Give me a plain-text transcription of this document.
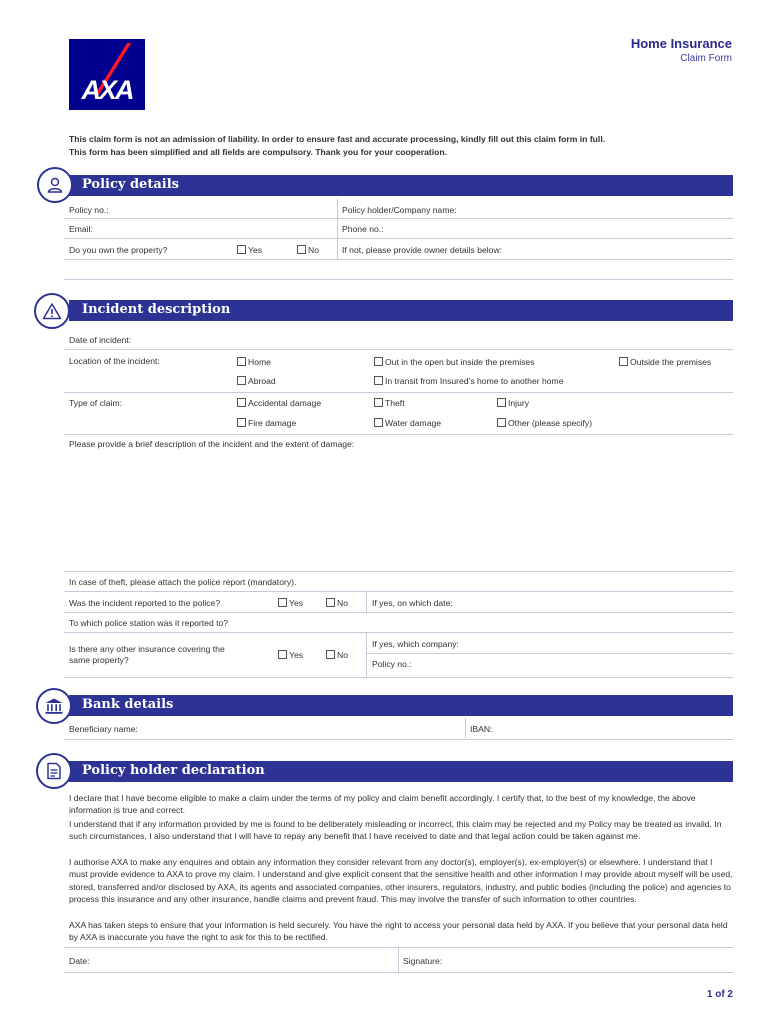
AXA
Home Insurance
Claim Form
This claim form is not an admission of liability. In order to ensure fast and accurate processing, kindly fill out this claim form in full.
This form has been simplified and all fields are compulsory. Thank you for your cooperation.
Policy details
Policy no.:	Policy holder/Company name:
Email:	Phone no.:
Do you own the property?	Yes	No	If not, please provide owner details below:
Incident description
Date of incident:
Location of the incident:	Home	Out in the open but inside the premises	Outside the premises
Abroad	In transit from Insured’s home to another home
Type of claim:	Accidental damage	Theft	Injury
Fire damage	Water damage	Other (please specify)
Please provide a brief description of the incident and the extent of damage:
In case of theft, please attach the police report (mandatory).
Was the incident reported to the police?	Yes	No	If yes, on which date:
To which police station was it reported to?
Is there any other insurance covering the
same property?	Yes	No
If yes, which company:
Policy no.:
Bank details
Beneficiary name:	IBAN:
Policy holder declaration
I declare that I have become eligible to make a claim under the terms of my policy and claim benefit accordingly. I certify that, to the best of my knowledge, the above information is true and correct.
I understand that if any information provided by me is found to be deliberately misleading or incorrect, this claim may be rejected and my Policy may be treated as invalid. In such circumstances, I also understand that I will have to repay any benefit that I have received to date and that legal action could be taken against me.
I authorise AXA to make any enquires and obtain any information they consider relevant from any doctor(s), employer(s), ex-employer(s) or elsewhere. I understand that I must provide evidence to AXA to prove my claim. I understand and give explicit consent that the sensitive health and other information I may provide about myself will be used, stored, transferred and/or disclosed by AXA, its agents and associated companies, other insurers, regulators, industry, and public bodies (including the police) and agencies to process this insurance and any other insurance, handle claims and prevent fraud. This may involve the transfer of such information to other countries.
AXA has taken steps to ensure that your information is held securely. You have the right to access your personal data held by AXA. If you believe that your personal data held by AXA is inaccurate you have the right to ask for this to be rectified.
Date:	Signature:
1 of 2
